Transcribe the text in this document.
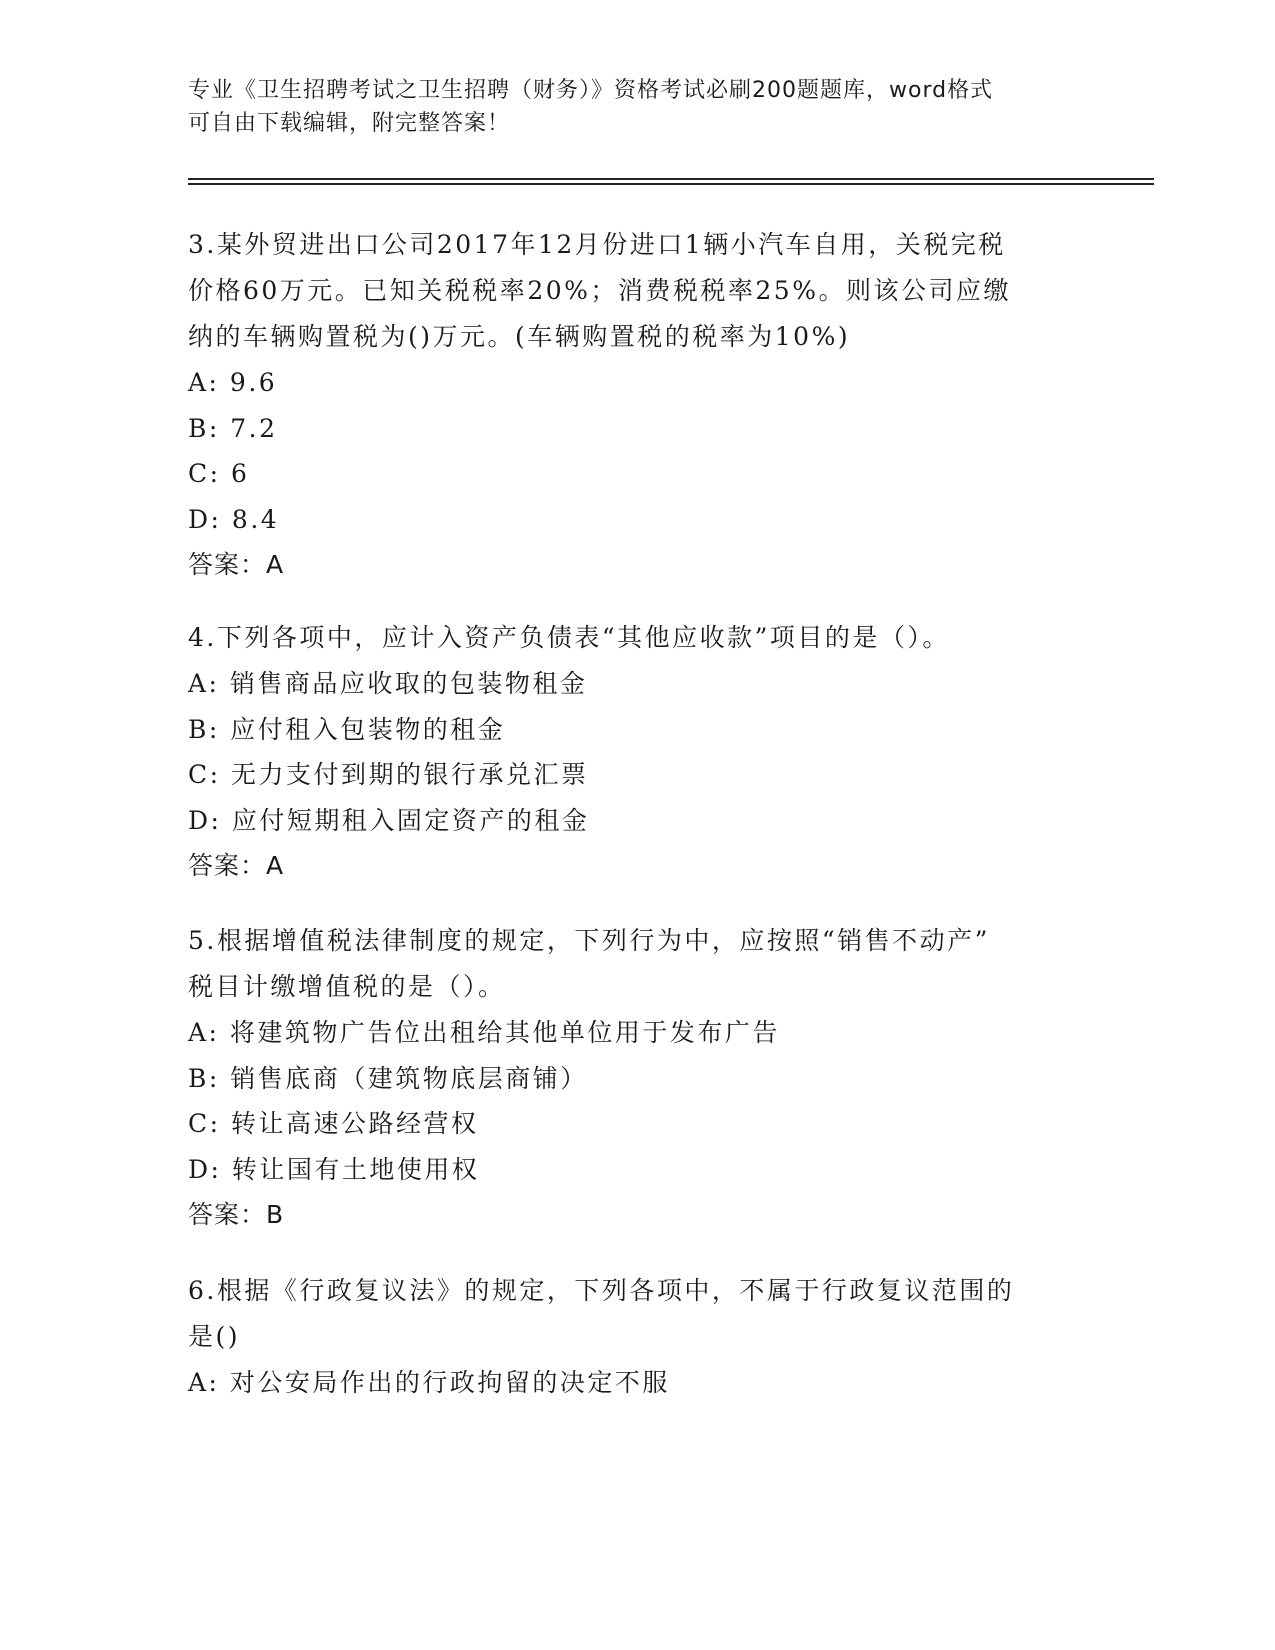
专业《卫生招聘考试之卫生招聘（财务）》资格考试必刷200题题库，word格式
可自由下载编辑，附完整答案！
3.某外贸进出口公司2017年12月份进口1辆小汽车自用，关税完税
价格60万元。已知关税税率20%；消费税税率25%。则该公司应缴
纳的车辆购置税为()万元。(车辆购置税的税率为10%)
A: 9.6
B: 7.2
C: 6
D: 8.4
答案：A
4.下列各项中，应计入资产负债表“其他应收款”项目的是（）。
A: 销售商品应收取的包装物租金
B: 应付租入包装物的租金
C: 无力支付到期的银行承兑汇票
D: 应付短期租入固定资产的租金
答案：A
5.根据增值税法律制度的规定，下列行为中，应按照“销售不动产”
税目计缴增值税的是（）。
A: 将建筑物广告位出租给其他单位用于发布广告
B: 销售底商（建筑物底层商铺）
C: 转让高速公路经营权
D: 转让国有土地使用权
答案：B
6.根据《行政复议法》的规定，下列各项中，不属于行政复议范围的
是()
A: 对公安局作出的行政拘留的决定不服
